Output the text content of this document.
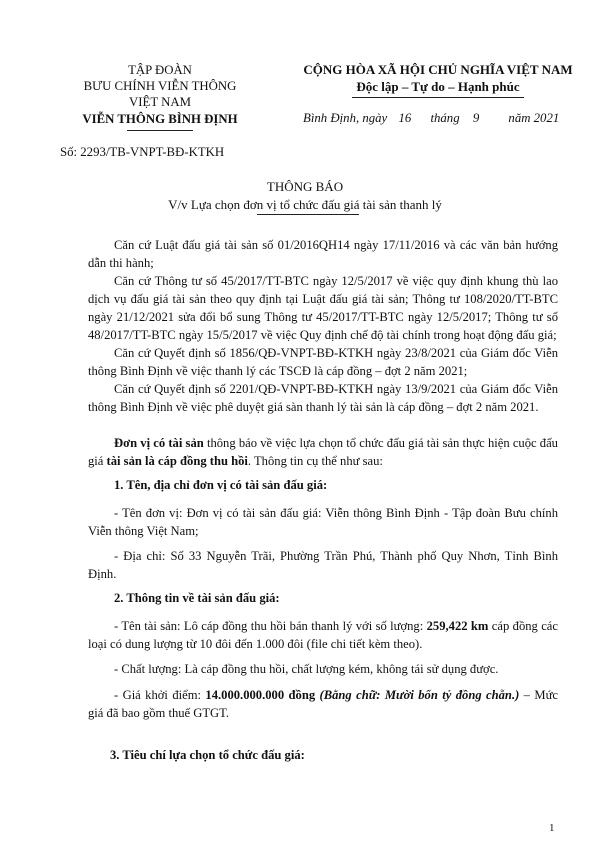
TẬP ĐOÀN
BƯU CHÍNH VIỄN THÔNG
VIỆT NAM
VIỄN THÔNG BÌNH ĐỊNH
Số: 2293/TB-VNPT-BĐ-KTKH
CỘNG HÒA XÃ HỘI CHỦ NGHĨA VIỆT NAM
Độc lập – Tự do – Hạnh phúc
Bình Định, ngày 16 tháng 9 năm 2021
THÔNG BÁO
V/v Lựa chọn đơn vị tổ chức đấu giá tài sản thanh lý
Căn cứ Luật đấu giá tài sản số 01/2016QH14 ngày 17/11/2016 và các văn bản hướng dẫn thi hành;
Căn cứ Thông tư số 45/2017/TT-BTC ngày 12/5/2017 về việc quy định khung thù lao dịch vụ đấu giá tài sản theo quy định tại Luật đấu giá tài sản; Thông tư 108/2020/TT-BTC ngày 21/12/2021 sửa đổi bổ sung Thông tư 45/2017/TT-BTC ngày 12/5/2017; Thông tư số 48/2017/TT-BTC ngày 15/5/2017 về việc Quy định chế độ tài chính trong hoạt động đấu giá;
Căn cứ Quyết định số 1856/QĐ-VNPT-BĐ-KTKH ngày 23/8/2021 của Giám đốc Viễn thông Bình Định về việc thanh lý các TSCĐ là cáp đồng – đợt 2 năm 2021;
Căn cứ Quyết định số 2201/QĐ-VNPT-BĐ-KTKH ngày 13/9/2021 của Giám đốc Viễn thông Bình Định về việc phê duyệt giá sàn thanh lý tài sản là cáp đồng – đợt 2 năm 2021.
Đơn vị có tài sản thông báo về việc lựa chọn tổ chức đấu giá tài sản thực hiện cuộc đấu giá tài sản là cáp đồng thu hồi. Thông tin cụ thể như sau:
1. Tên, địa chỉ đơn vị có tài sản đấu giá:
- Tên đơn vị: Đơn vị có tài sản đấu giá: Viễn thông Bình Định - Tập đoàn Bưu chính Viễn thông Việt Nam;
- Địa chỉ: Số 33 Nguyễn Trãi, Phường Trần Phú, Thành phố Quy Nhơn, Tỉnh Bình Định.
2. Thông tin về tài sản đấu giá:
- Tên tài sản: Lô cáp đồng thu hồi bán thanh lý với số lượng: 259,422 km cáp đồng các loại có dung lượng từ 10 đôi đến 1.000 đôi (file chi tiết kèm theo).
- Chất lượng: Là cáp đồng thu hồi, chất lượng kém, không tái sử dụng được.
- Giá khởi điểm: 14.000.000.000 đồng (Bằng chữ: Mười bốn tỷ đồng chẵn.) – Mức giá đã bao gồm thuế GTGT.
3. Tiêu chí lựa chọn tổ chức đấu giá:
1
